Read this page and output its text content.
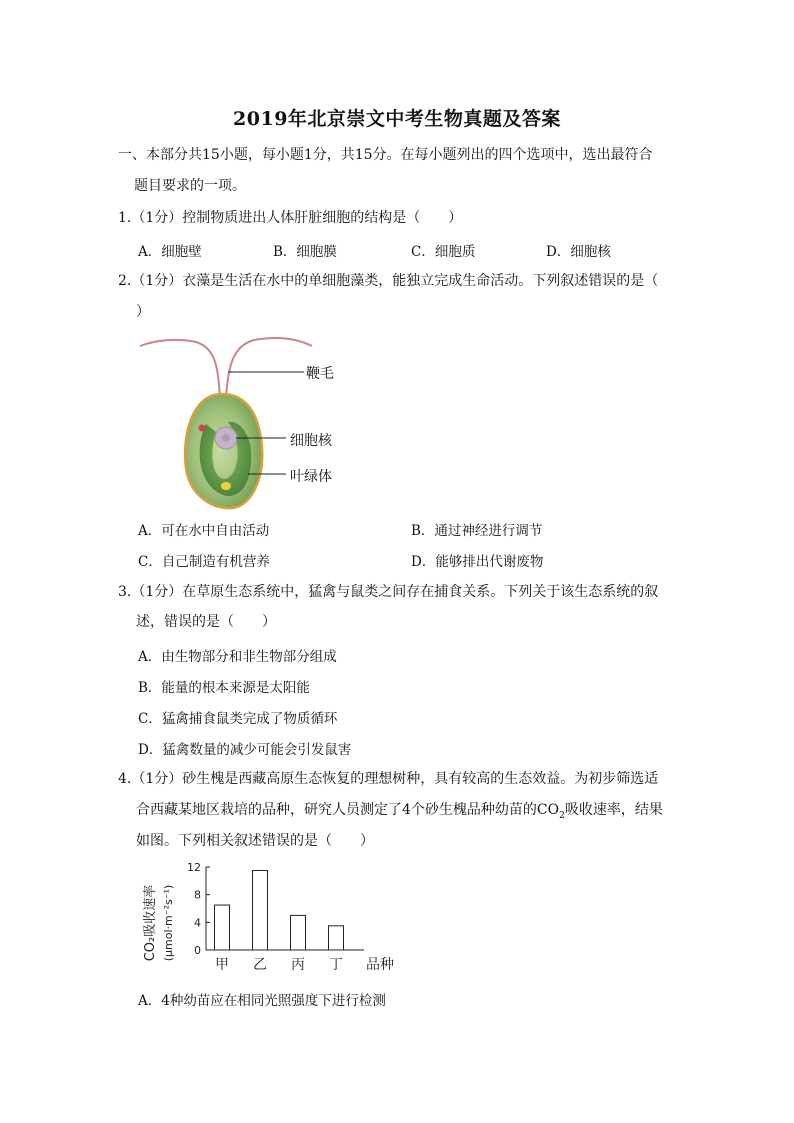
2019年北京崇文中考生物真题及答案
一、本部分共15小题，每小题1分，共15分。在每小题列出的四个选项中，选出最符合
题目要求的一项。
1.（1分）控制物质进出人体肝脏细胞的结构是（　　）
A．细胞壁	B．细胞膜	C．细胞质	D．细胞核
2.（1分）衣藻是生活在水中的单细胞藻类，能独立完成生命活动。下列叙述错误的是（
）
鞭毛
细胞核
叶绿体
A．可在水中自由活动	B．通过神经进行调节
C．自己制造有机营养	D．能够排出代谢废物
3.（1分）在草原生态系统中，猛禽与鼠类之间存在捕食关系。下列关于该生态系统的叙
述，错误的是（　　）
A．由生物部分和非生物部分组成
B．能量的根本来源是太阳能
C．猛禽捕食鼠类完成了物质循环
D．猛禽数量的减少可能会引发鼠害
4.（1分）砂生槐是西藏高原生态恢复的理想树种，具有较高的生态效益。为初步筛选适
合西藏某地区栽培的品种，研究人员测定了4个砂生槐品种幼苗的$CO_2$吸收速率，结果
如图。下列相关叙述错误的是（　　）
CO₂吸收速率 (μmol·m⁻²s⁻¹) 0
4
8
12
甲 乙 丙 丁 品种
A．4种幼苗应在相同光照强度下进行检测
